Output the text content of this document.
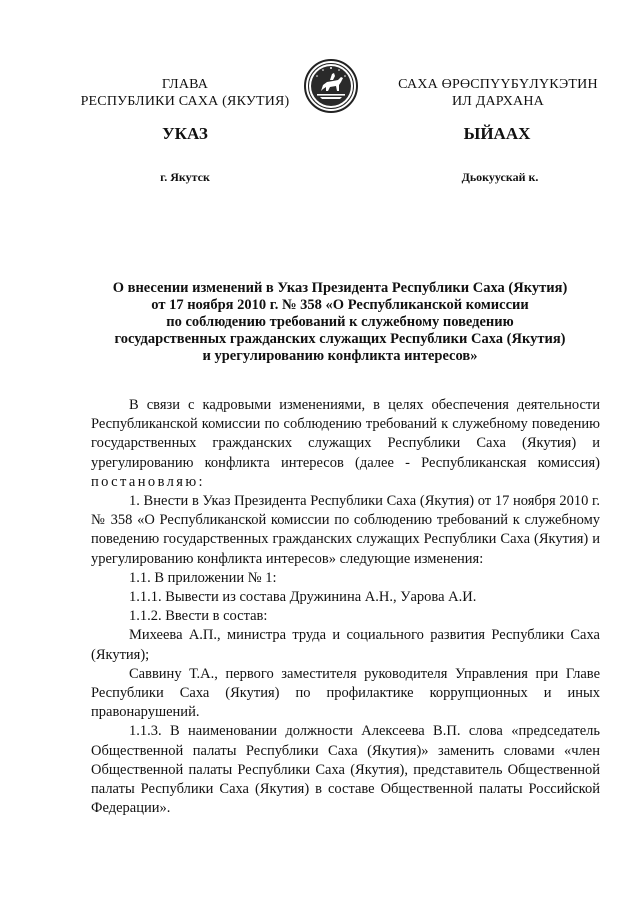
ГЛАВА
РЕСПУБЛИКИ САХА (ЯКУТИЯ)
САХА ӨРӨСПҮҮБҮЛҮКЭТИН
ИЛ ДАРХАНА
УКАЗ	ЫЙААХ
г. Якутск	Дьокуускай к.
О внесении изменений в Указ Президента Республики Саха (Якутия)
от 17 ноября 2010 г. № 358 «О Республиканской комиссии
по соблюдению требований к служебному поведению
государственных гражданских служащих Республики Саха (Якутия)
и урегулированию конфликта интересов»

В связи с кадровыми изменениями, в целях обеспечения деятельности Республиканской комиссии по соблюдению требований к служебному поведению государственных гражданских служащих Республики Саха (Якутия) и урегулированию конфликта интересов (далее - Республиканская комиссия) постановляю:

1. Внести в Указ Президента Республики Саха (Якутия) от 17 ноября 2010 г. № 358 «О Республиканской комиссии по соблюдению требований к служебному поведению государственных гражданских служащих Республики Саха (Якутия) и урегулированию конфликта интересов» следующие изменения:

1.1. В приложении № 1:

1.1.1. Вывести из состава Дружинина А.Н., Уарова А.И.

1.1.2. Ввести в состав:

Михеева А.П., министра труда и социального развития Республики Саха (Якутия);

Саввину Т.А., первого заместителя руководителя Управления при Главе Республики Саха (Якутия) по профилактике коррупционных и иных правонарушений.

1.1.3. В наименовании должности Алексеева В.П. слова «председатель Общественной палаты Республики Саха (Якутия)» заменить словами «член Общественной палаты Республики Саха (Якутия), представитель Общественной палаты Республики Саха (Якутия) в составе Общественной палаты Российской Федерации».
